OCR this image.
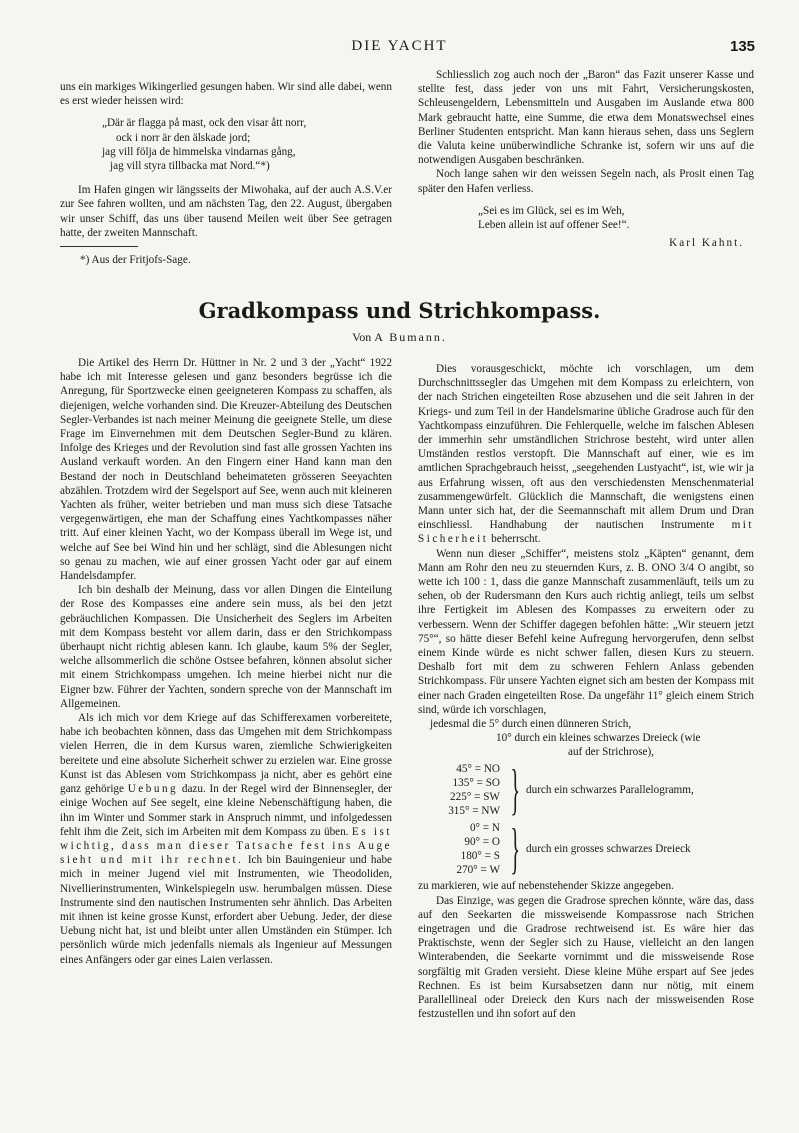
DIE YACHT	135

uns ein markiges Wikingerlied gesungen haben. Wir sind alle dabei, wenn es erst wieder heissen wird:

„Där är flagga på mast, ock den visar ått norr,
ock i norr är den älskade jord;
jag vill följa de himmelska vindarnas gång,
jag vill styra tillbacka mat Nord.“*)

Im Hafen gingen wir längsseits der Miwohaka, auf der auch A.S.V.er zur See fahren wollten, und am nächsten Tag, den 22. August, übergaben wir unser Schiff, das uns über tausend Meilen weit über See getragen hatte, der zweiten Mannschaft.

*) Aus der Fritjofs-Sage.

Schliesslich zog auch noch der „Baron“ das Fazit unserer Kasse und stellte fest, dass jeder von uns mit Fahrt, Versicherungskosten, Schleusengeldern, Lebensmitteln und Ausgaben im Auslande etwa 800 Mark gebraucht hatte, eine Summe, die etwa dem Monatswechsel eines Berliner Studenten entspricht. Man kann hieraus sehen, dass uns Seglern die Valuta keine unüberwindliche Schranke ist, sofern wir uns auf die notwendigen Ausgaben beschränken.

Noch lange sahen wir den weissen Segeln nach, als Prosit einen Tag später den Hafen verliess.

„Sei es im Glück, sei es im Weh,
Leben allein ist auf offener See!“.
Karl Kahnt.
Gradkompass und Strichkompass.
Von A Bumann.

Die Artikel des Herrn Dr. Hüttner in Nr. 2 und 3 der „Yacht“ 1922 habe ich mit Interesse gelesen und ganz besonders begrüsse ich die Anregung, für Sportzwecke einen geeigneteren Kompass zu schaffen, als diejenigen, welche vorhanden sind. Die Kreuzer-Abteilung des Deutschen Segler-Verbandes ist nach meiner Meinung die geeignete Stelle, um diese Frage im Einvernehmen mit dem Deutschen Segler-Bund zu klären. Infolge des Krieges und der Revolution sind fast alle grossen Yachten ins Ausland verkauft worden. An den Fingern einer Hand kann man den Bestand der noch in Deutschland beheimateten grösseren Seeyachten abzählen. Trotzdem wird der Segelsport auf See, wenn auch mit kleineren Yachten als früher, weiter betrieben und man muss sich diese Tatsache vergegenwärtigen, ehe man der Schaffung eines Yachtkompasses näher tritt. Auf einer kleinen Yacht, wo der Kompass überall im Wege ist, und welche auf See bei Wind hin und her schlägt, sind die Ablesungen nicht so genau zu machen, wie auf einer grossen Yacht oder gar auf einem Handelsdampfer.

Ich bin deshalb der Meinung, dass vor allen Dingen die Einteilung der Rose des Kompasses eine andere sein muss, als bei den jetzt gebräuchlichen Kompassen. Die Unsicherheit des Seglers im Arbeiten mit dem Kompass besteht vor allem darin, dass er den Strichkompass überhaupt nicht richtig ablesen kann. Ich glaube, kaum 5% der Segler, welche allsommerlich die schöne Ostsee befahren, können absolut sicher mit einem Strichkompass umgehen. Ich meine hierbei nicht nur die Eigner bzw. Führer der Yachten, sondern spreche von der Mannschaft im Allgemeinen.

Als ich mich vor dem Kriege auf das Schifferexamen vorbereitete, habe ich beobachten können, dass das Umgehen mit dem Strichkompass vielen Herren, die in dem Kursus waren, ziemliche Schwierigkeiten bereitete und eine absolute Sicherheit schwer zu erzielen war. Eine grosse Kunst ist das Ablesen vom Strichkompass ja nicht, aber es gehört eine ganz gehörige Uebung dazu. In der Regel wird der Binnensegler, der einige Wochen auf See segelt, eine kleine Nebenschäftigung haben, die ihn im Winter und Sommer stark in Anspruch nimmt, und infolgedessen fehlt ihm die Zeit, sich im Arbeiten mit dem Kompass zu üben. Es ist wichtig, dass man dieser Tatsache fest ins Auge sieht und mit ihr rechnet. Ich bin Bauingenieur und habe mich in meiner Jugend viel mit Instrumenten, wie Theodoliden, Nivellierinstrumenten, Winkelspiegeln usw. herumbalgen müssen. Diese Instrumente sind den nautischen Instrumenten sehr ähnlich. Das Arbeiten mit ihnen ist keine grosse Kunst, erfordert aber Uebung. Jeder, der diese Uebung nicht hat, ist und bleibt unter allen Umständen ein Stümper. Ich persönlich würde mich jedenfalls niemals als Ingenieur auf Messungen eines Anfängers oder gar eines Laien verlassen.

Dies vorausgeschickt, möchte ich vorschlagen, um dem Durchschnittssegler das Umgehen mit dem Kompass zu erleichtern, von der nach Strichen eingeteilten Rose abzusehen und die seit Jahren in der Kriegs- und zum Teil in der Handelsmarine übliche Gradrose auch für den Yachtkompass einzuführen. Die Fehlerquelle, welche im falschen Ablesen der immerhin sehr umständlichen Strichrose besteht, wird unter allen Umständen restlos verstopft. Die Mannschaft auf einer, wie es im amtlichen Sprachgebrauch heisst, „seegehenden Lustyacht“, ist, wie wir ja aus Erfahrung wissen, oft aus den verschiedensten Menschenmaterial zusammengewürfelt. Glücklich die Mannschaft, die wenigstens einen Mann unter sich hat, der die Seemannschaft mit allem Drum und Dran einschliessl. Handhabung der nautischen Instrumente mit Sicherheit beherrscht.

Wenn nun dieser „Schiffer“, meistens stolz „Käpten“ genannt, dem Mann am Rohr den neu zu steuernden Kurs, z. B. ONO 3/4 O angibt, so wette ich 100 : 1, dass die ganze Mannschaft zusammenläuft, teils um zu sehen, ob der Rudersmann den Kurs auch richtig anliegt, teils um selbst ihre Fertigkeit im Ablesen des Kompasses zu erweitern oder zu verbessern. Wenn der Schiffer dagegen befohlen hätte: „Wir steuern jetzt 75°“, so hätte dieser Befehl keine Aufregung hervorgerufen, denn selbst einem Kinde würde es nicht schwer fallen, diesen Kurs zu steuern. Deshalb fort mit dem zu schweren Fehlern Anlass gebenden Strichkompass. Für unsere Yachten eignet sich am besten der Kompass mit einer nach Graden eingeteilten Rose. Da ungefähr 11° gleich einem Strich sind, würde ich vorschlagen,

jedesmal die 5° durch einen dünneren Strich,
10° durch ein kleines schwarzes Dreieck (wie
auf der Strichrose),
45° = NO
135° = SO
225° = SW
315° = NW } durch ein schwarzes Parallelogramm,
0° = N
90° = O
180° = S
270° = W } durch ein grosses schwarzes Dreieck

zu markieren, wie auf nebenstehender Skizze angegeben.

Das Einzige, was gegen die Gradrose sprechen könnte, wäre das, dass auf den Seekarten die missweisende Kompassrose nach Strichen eingetragen und die Gradrose rechtweisend ist. Es wäre hier das Praktischste, wenn der Segler sich zu Hause, vielleicht an den langen Winterabenden, die Seekarte vornimmt und die missweisende Rose sorgfältig mit Graden versieht. Diese kleine Mühe erspart auf See jedes Rechnen. Es ist beim Kursabsetzen dann nur nötig, mit einem Parallellineal oder Dreieck den Kurs nach der missweisenden Rose festzustellen und ihn sofort auf den
